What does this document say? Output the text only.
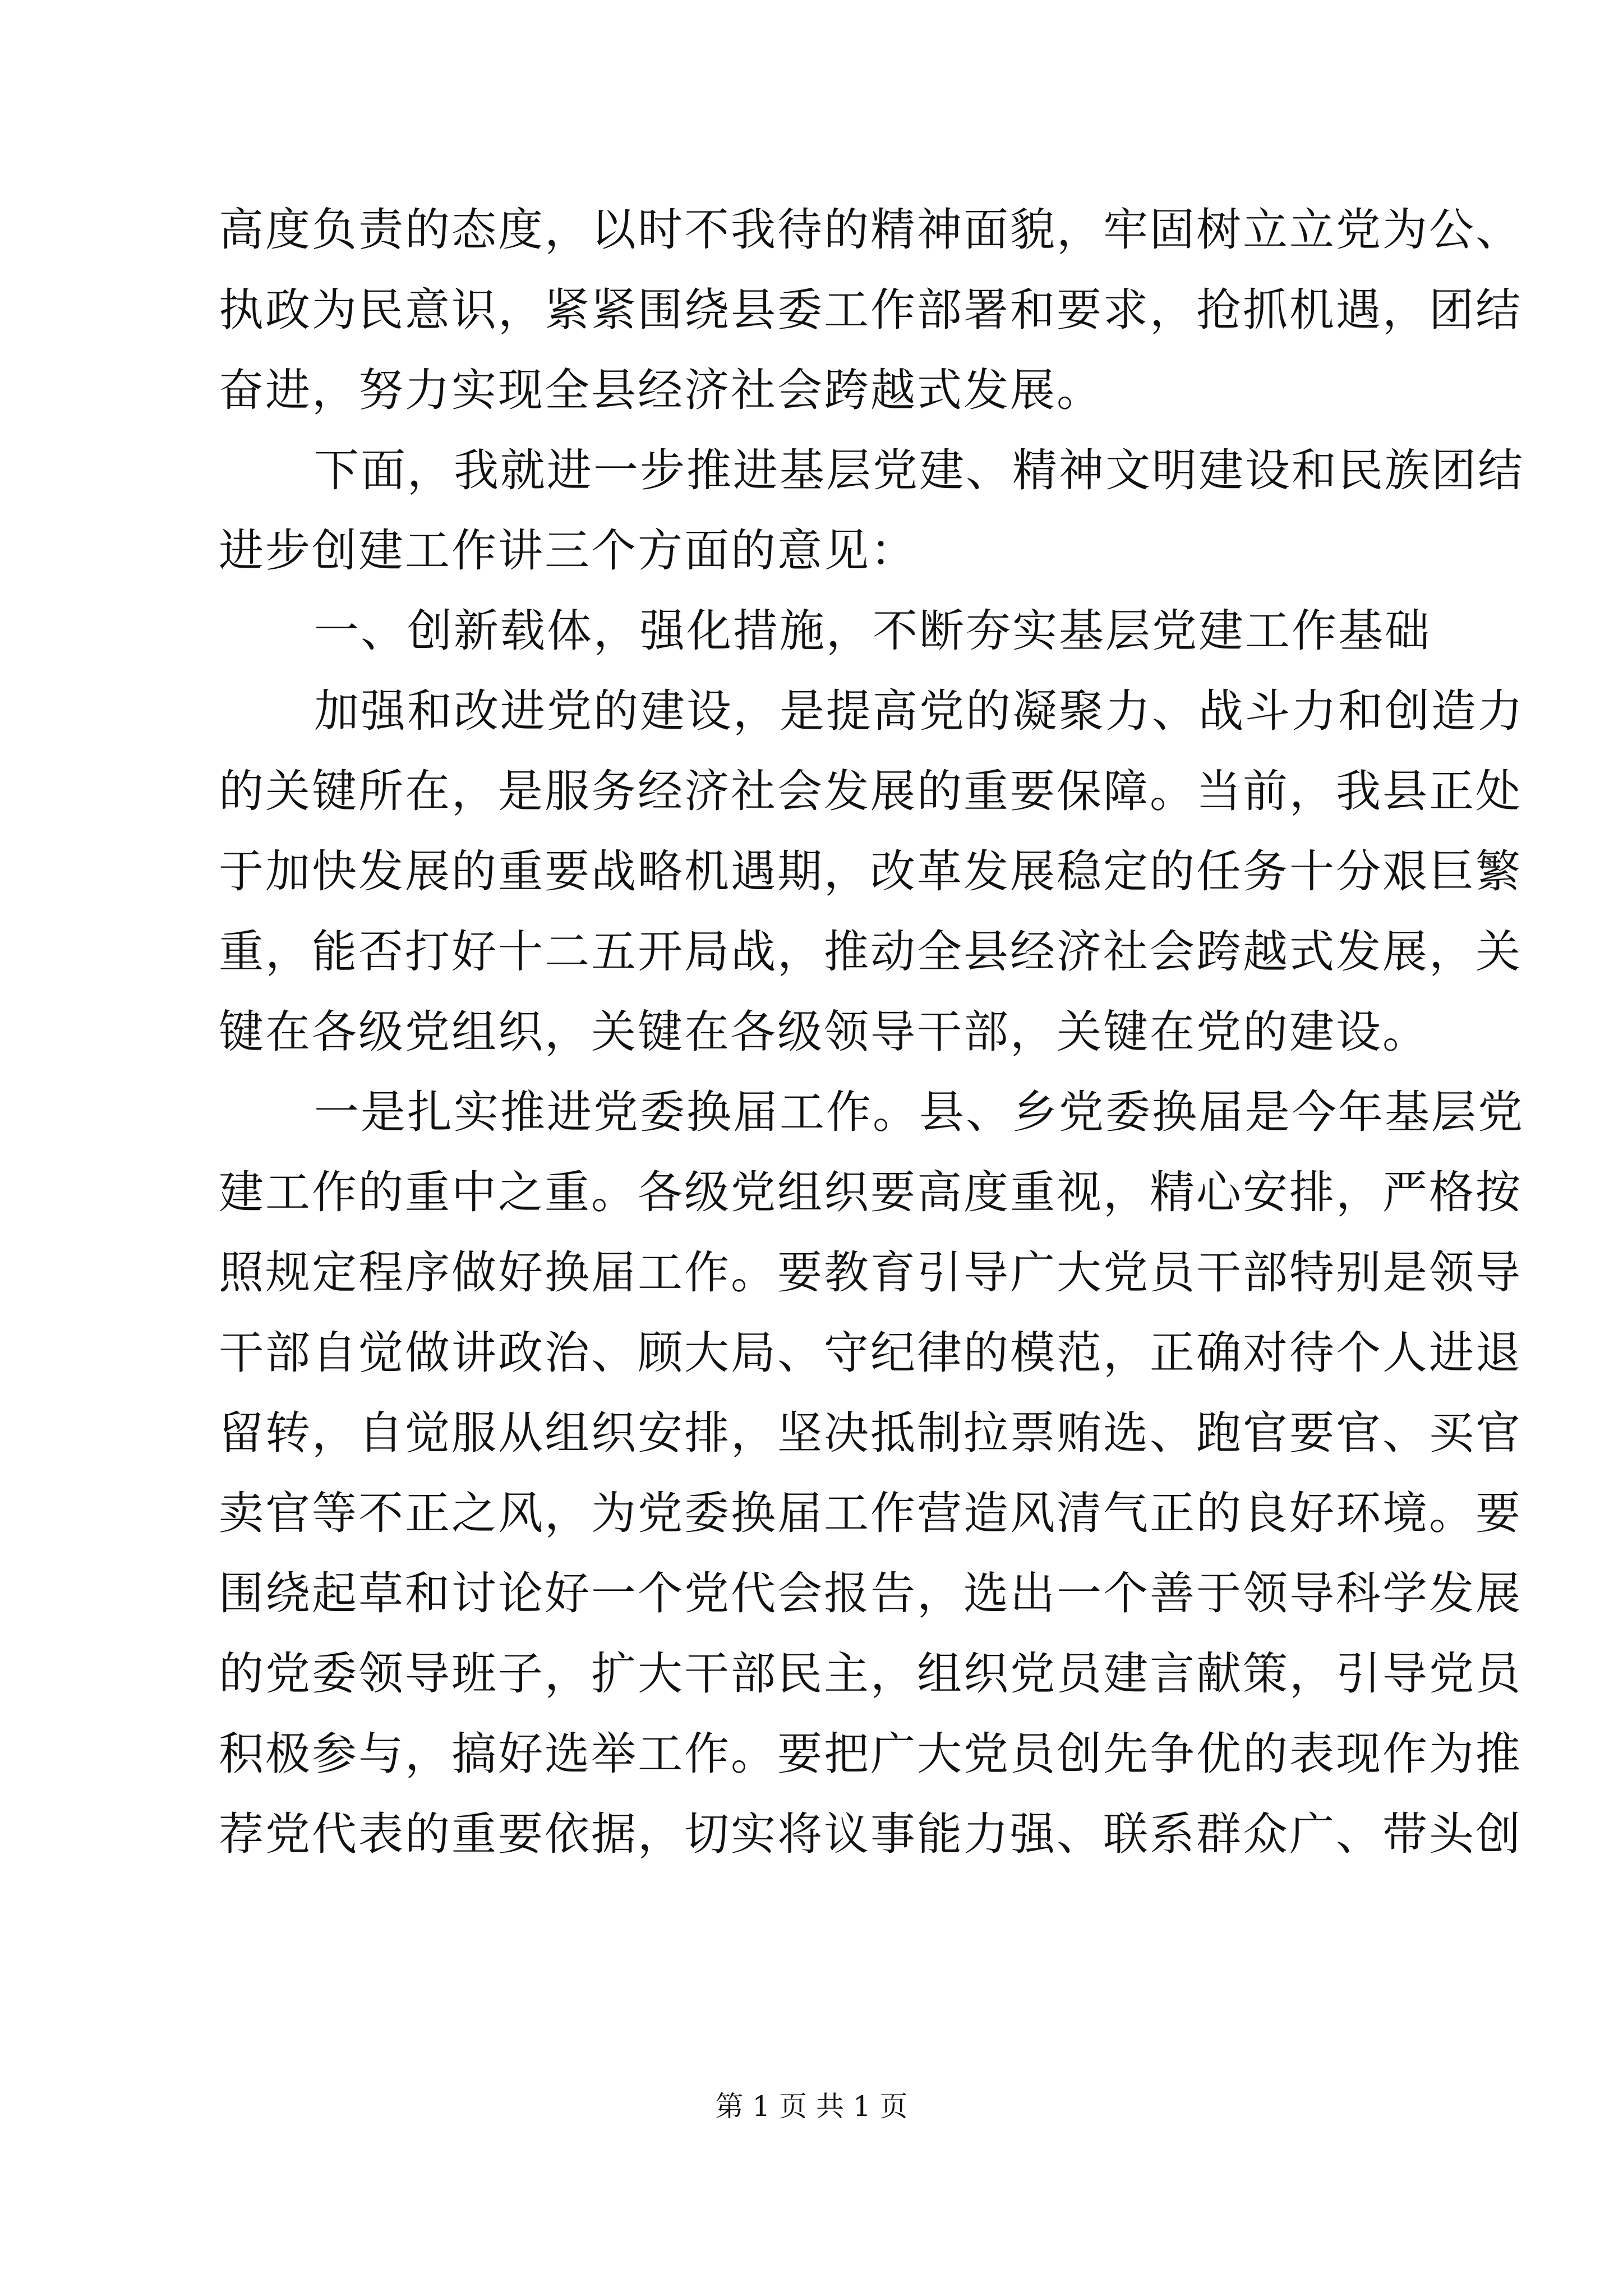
高度负责的态度，以时不我待的精神面貌，牢固树立立党为公、
执政为民意识，紧紧围绕县委工作部署和要求，抢抓机遇，团结
奋进，努力实现全县经济社会跨越式发展。
下面，我就进一步推进基层党建、精神文明建设和民族团结
进步创建工作讲三个方面的意见：
一、创新载体，强化措施，不断夯实基层党建工作基础
加强和改进党的建设，是提高党的凝聚力、战斗力和创造力
的关键所在，是服务经济社会发展的重要保障。当前，我县正处
于加快发展的重要战略机遇期，改革发展稳定的任务十分艰巨繁
重，能否打好十二五开局战，推动全县经济社会跨越式发展，关
键在各级党组织，关键在各级领导干部，关键在党的建设。
一是扎实推进党委换届工作。县、乡党委换届是今年基层党
建工作的重中之重。各级党组织要高度重视，精心安排，严格按
照规定程序做好换届工作。要教育引导广大党员干部特别是领导
干部自觉做讲政治、顾大局、守纪律的模范，正确对待个人进退
留转，自觉服从组织安排，坚决抵制拉票贿选、跑官要官、买官
卖官等不正之风，为党委换届工作营造风清气正的良好环境。要
围绕起草和讨论好一个党代会报告，选出一个善于领导科学发展
的党委领导班子，扩大干部民主，组织党员建言献策，引导党员
积极参与，搞好选举工作。要把广大党员创先争优的表现作为推
荐党代表的重要依据，切实将议事能力强、联系群众广、带头创
第 1 页 共 1 页
